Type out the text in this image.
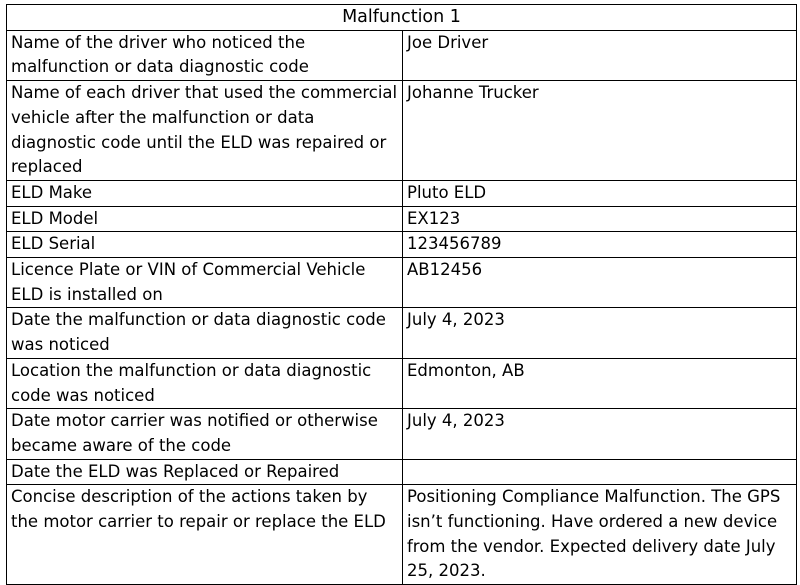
Malfunction 1	
Name of the driver who noticed the malfunction or data diagnostic code	Joe Driver
Name of each driver that used the commercial vehicle after the malfunction or data diagnostic code until the ELD was repaired or replaced	Johanne Trucker
ELD Make	Pluto ELD
ELD Model	EX123
ELD Serial	123456789
Licence Plate or VIN of Commercial Vehicle ELD is installed on	AB12456
Date the malfunction or data diagnostic code was noticed	July 4, 2023
Location the malfunction or data diagnostic code was noticed	Edmonton, AB
Date motor carrier was notified or otherwise became aware of the code	July 4, 2023
Date the ELD was Replaced or Repaired	
Concise description of the actions taken by the motor carrier to repair or replace the ELD	Positioning Compliance Malfunction. The GPS isn’t functioning. Have ordered a new device from the vendor. Expected delivery date July 25, 2023.
